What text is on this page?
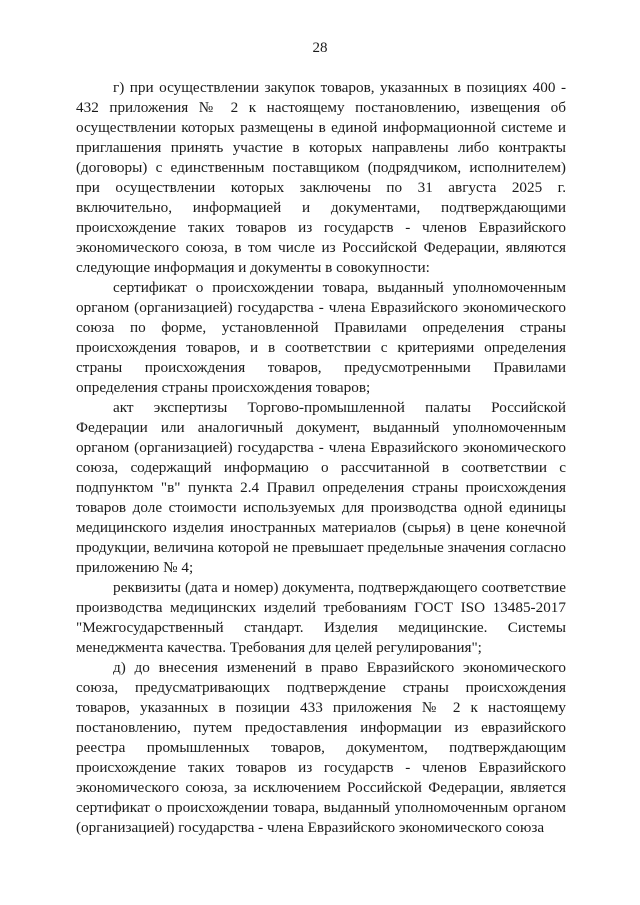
28

г) при осуществлении закупок товаров, указанных в позициях 400 - 432 приложения № 2 к настоящему постановлению, извещения об осуществлении которых размещены в единой информационной системе и приглашения принять участие в которых направлены либо контракты (договоры) с единственным поставщиком (подрядчиком, исполнителем) при осуществлении которых заключены по 31 августа 2025 г. включительно, информацией и документами, подтверждающими происхождение таких товаров из государств - членов Евразийского экономического союза, в том числе из Российской Федерации, являются следующие информация и документы в совокупности:

сертификат о происхождении товара, выданный уполномоченным органом (организацией) государства - члена Евразийского экономического союза по форме, установленной Правилами определения страны происхождения товаров, и в соответствии с критериями определения страны происхождения товаров, предусмотренными Правилами определения страны происхождения товаров;

акт экспертизы Торгово-промышленной палаты Российской Федерации или аналогичный документ, выданный уполномоченным органом (организацией) государства - члена Евразийского экономического союза, содержащий информацию о рассчитанной в соответствии с подпунктом "в" пункта 2.4 Правил определения страны происхождения товаров доле стоимости используемых для производства одной единицы медицинского изделия иностранных материалов (сырья) в цене конечной продукции, величина которой не превышает предельные значения согласно приложению № 4;

реквизиты (дата и номер) документа, подтверждающего соответствие производства медицинских изделий требованиям ГОСТ ISO 13485-2017 "Межгосударственный стандарт. Изделия медицинские. Системы менеджмента качества. Требования для целей регулирования";

д) до внесения изменений в право Евразийского экономического союза, предусматривающих подтверждение страны происхождения товаров, указанных в позиции 433 приложения № 2 к настоящему постановлению, путем предоставления информации из евразийского реестра промышленных товаров, документом, подтверждающим происхождение таких товаров из государств - членов Евразийского экономического союза, за исключением Российской Федерации, является сертификат о происхождении товара, выданный уполномоченным органом (организацией) государства - члена Евразийского экономического союза
